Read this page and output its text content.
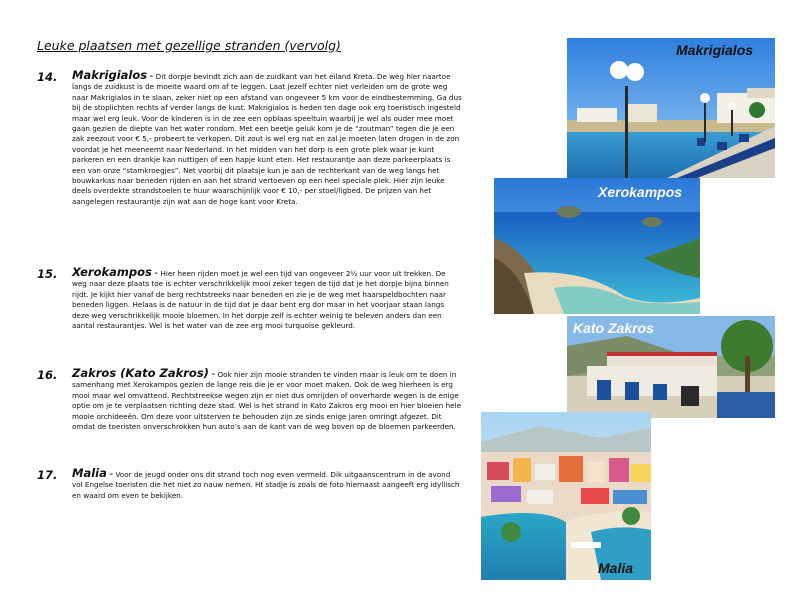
Leuke plaatsen met gezellige stranden (vervolg)
14. Makrigialos - Dit dorpje bevindt zich aan de zuidkant van het eiland Kreta. De weg hier naartoe langs de zuidkust is de moeite waard om af te leggen. Laat jezelf echter niet verleiden om de grote weg naar Makrigialos in te slaan, zeker niet op een afstand van ongeveer 5 km voor de eindbestemming. Ga dus bij de stoplichten rechts af verder langs de kust. Makrigialos is heden ten dage ook erg toeristisch ingesteld maar wel erg leuk. Voor de kinderen is in de zee een opblaas speeltuin waarbij je wel als ouder mee moet gaan gezien de diepte van het water rondom. Met een beetje geluk kom je de “zoutman” tegen die je een zak zeezout voor € 5,- probeert te verkopen. Dit zout is wel erg nat en zal je moeten laten drogen in de zon voordat je het meeneemt naar Nederland. In het midden van het dorp is een grote plek waar je kunt parkeren en een drankje kan nuttigen of een hapje kunt eten. Het restaurantje aan deze parkeerplaats is een van onze “stamkroegjes”. Net voorbij dit plaatsje kun je aan de rechterkant van de weg langs het bouwkarkas naar beneden rijden en aan het strand vertoeven op een heel speciale plek. Hier zijn leuke deels overdekte strandstoelen te huur waarschijnlijk voor € 10,- per stoel/ligbed. De prijzen van het aangelegen restaurantje zijn wat aan de hoge kant voor Kreta.
15. Xerokampos - Hier heen rijden moet je wel een tijd van ongeveer 2½ uur voor uit trekken. De weg naar deze plaats toe is echter verschrikkelijk mooi zeker tegen de tijd dat je het dorpje bijna binnen rijdt. Je kijkt hier vanaf de berg rechtstreeks naar beneden en zie je de weg met haarspeldbochten naar beneden liggen. Helaas is de natuur in de tijd dat je daar bent erg dor maar in het voorjaar staan langs deze weg verschrikkelijk mooie bloemen. In het dorpje zelf is echter weinig te beleven anders dan een aantal restaurantjes. Wel is het water van de zee erg mooi turquoise gekleurd.
16. Zakros (Kato Zakros) - Ook hier zijn mooie stranden te vinden maar is leuk om te doen in samenhang met Xerokampos gezien de lange reis die je er voor moet maken. Ook de weg hierheen is erg mooi maar wel omvattend. Rechtstreekse wegen zijn er niet dus omrijden of onverharde wegen is de enige optie om je te verplaatsen richting deze stad. Wel is het strand in Kato Zakros erg mooi en hier bloeien hele mooie orchideeën. Om deze voor uitsterven te behouden zijn ze sinds enige jaren omringt afgezet. Dit omdat de toeristen onverschrokken hun auto’s aan de kant van de weg boven op de bloemen parkeerden.
17. Malia - Voor de jeugd onder ons dit strand toch nog even vermeld. Dik uitgaanscentrum in de avond vol Engelse toeristen die het niet zo nauw nemen. Ht stadje is zoals de foto hiernaast aangeeft erg idyllisch en waard om even te bekijken.
Makrigialos
Xerokampos
Kato Zakros
Malia
